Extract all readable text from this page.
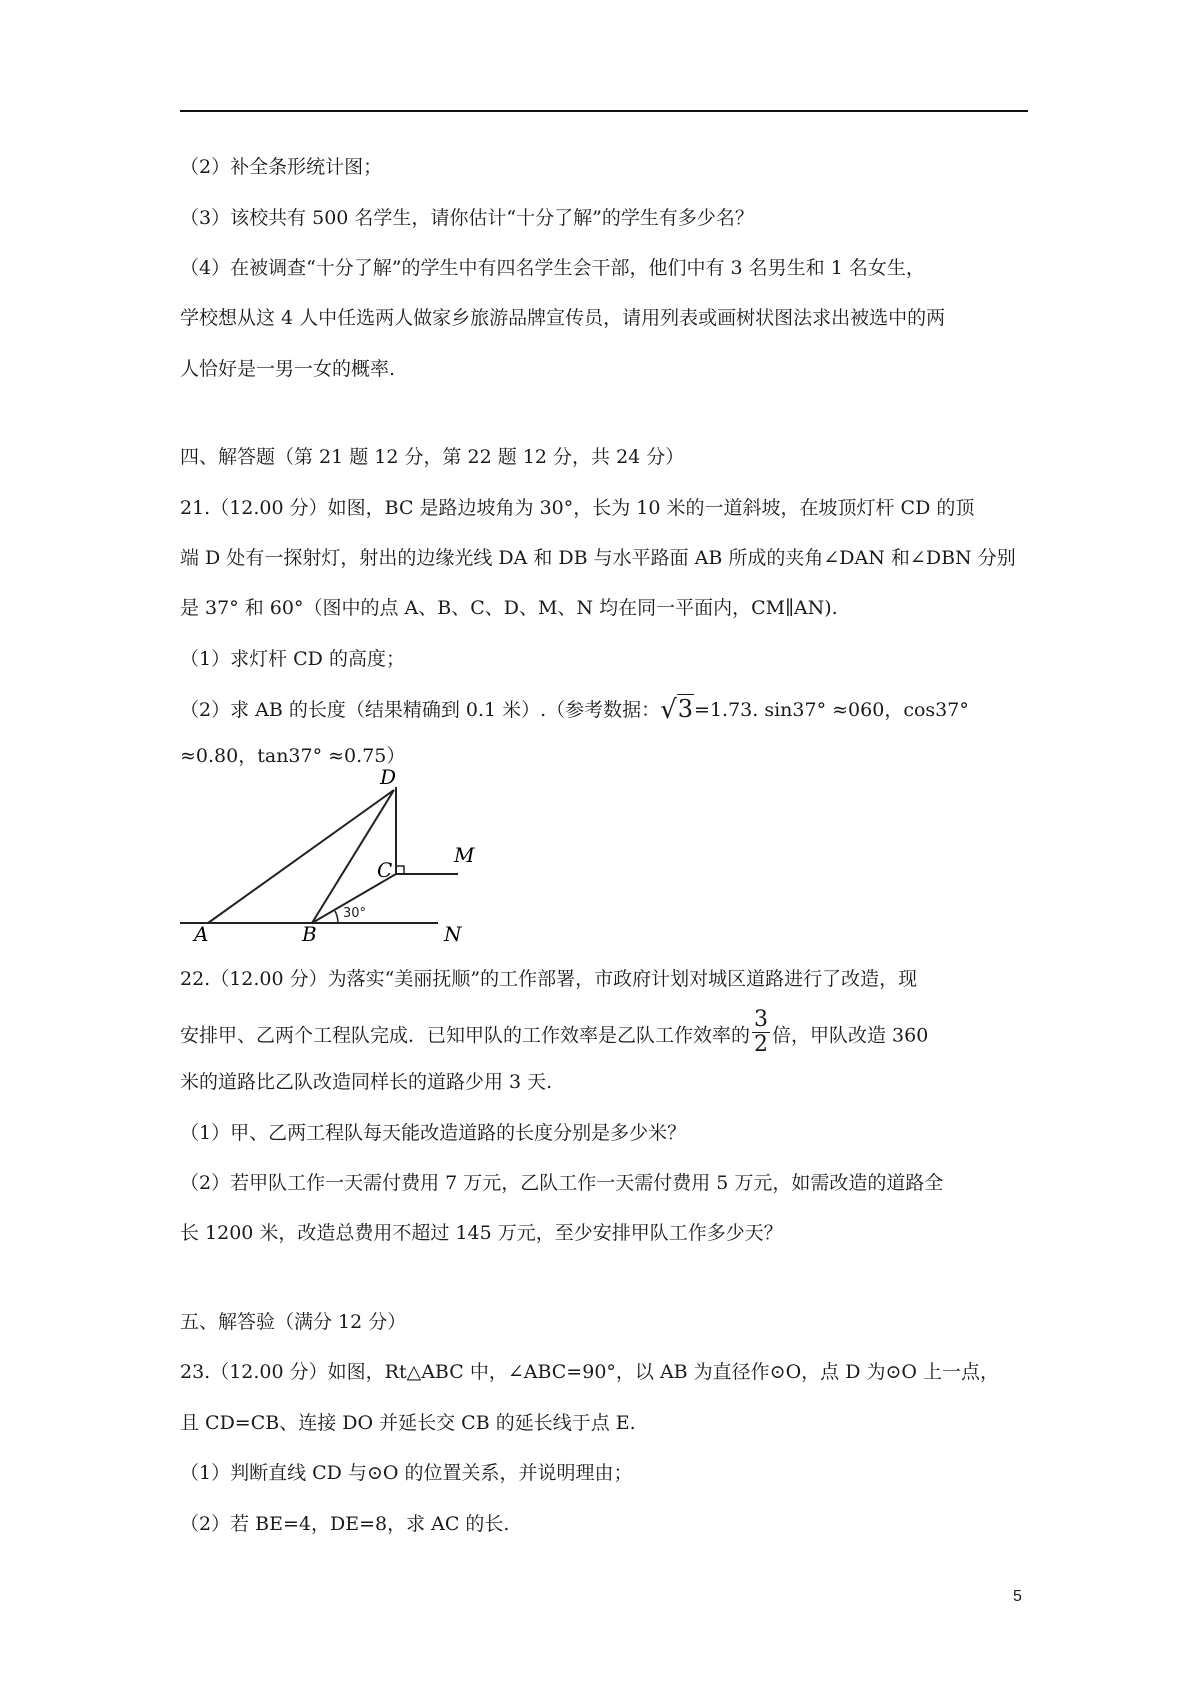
（2）补全条形统计图；
（3）该校共有 500 名学生，请你估计“十分了解”的学生有多少名？
（4）在被调查“十分了解”的学生中有四名学生会干部，他们中有 3 名男生和 1 名女生，
学校想从这 4 人中任选两人做家乡旅游品牌宣传员，请用列表或画树状图法求出被选中的两
人恰好是一男一女的概率.
四、解答题（第 21 题 12 分，第 22 题 12 分，共 24 分）
21.（12.00 分）如图，BC 是路边坡角为 30°，长为 10 米的一道斜坡，在坡顶灯杆 CD 的顶
端 D 处有一探射灯，射出的边缘光线 DA 和 DB 与水平路面 AB 所成的夹角∠DAN 和∠DBN 分别
是 37° 和 60°（图中的点 A、B、C、D、M、N 均在同一平面内，CM∥AN).
（1）求灯杆 CD 的高度；
（2）求 AB 的长度（结果精确到 0.1 米）.（参考数据：√3=1.73. sin37° ≈060，cos37°
≈0.80，tan37° ≈0.75）
30°
D
C
M
A	B	N
22.（12.00 分）为落实“美丽抚顺”的工作部署，市政府计划对城区道路进行了改造，现
安排甲、乙两个工程队完成．已知甲队的工作效率是乙队工作效率的 $\frac{3}{2}$ 倍，甲队改造 360
米的道路比乙队改造同样长的道路少用 3 天.
（1）甲、乙两工程队每天能改造道路的长度分别是多少米？
（2）若甲队工作一天需付费用 7 万元，乙队工作一天需付费用 5 万元，如需改造的道路全
长 1200 米，改造总费用不超过 145 万元，至少安排甲队工作多少天？
五、解答验（满分 12 分）
23.（12.00 分）如图，Rt△ABC 中，∠ABC=90°，以 AB 为直径作⊙O，点 D 为⊙O 上一点，
且 CD=CB、连接 DO 并延长交 CB 的延长线于点 E.
（1）判断直线 CD 与⊙O 的位置关系，并说明理由；
（2）若 BE=4，DE=8，求 AC 的长.
5
